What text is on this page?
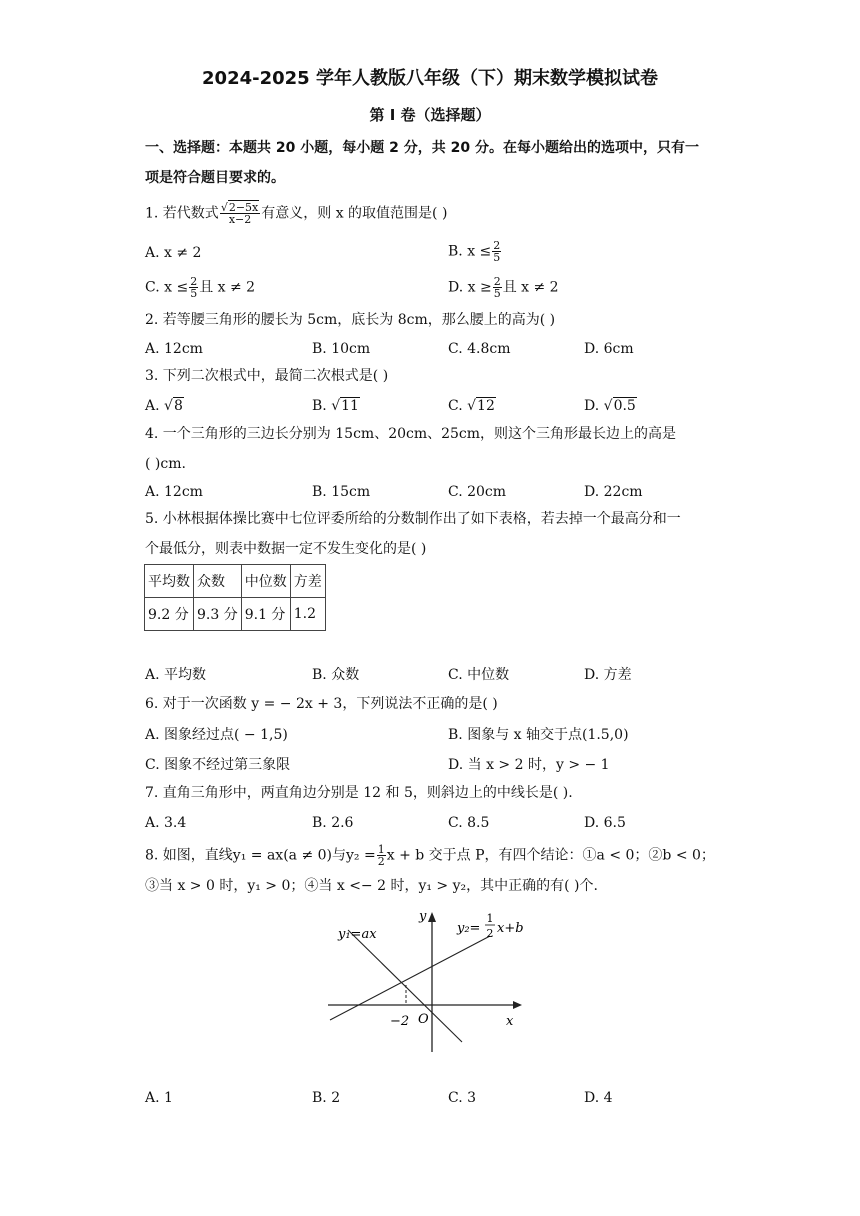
2024-2025 学年人教版八年级（下）期末数学模拟试卷
第 I 卷（选择题）
一、选择题：本题共 20 小题，每小题 2 分，共 20 分。在每小题给出的选项中，只有一
项是符合题目要求的。
1. 若代数式 $\frac{√2-5x}{x-2}$ 有意义，则 x 的取值范围是( )
A. x ≠ 2	B. $x \le \frac{2}{5}$
C. $x \le \frac{2}{5}$ 且 x ≠ 2	D. $x \ge \frac{2}{5}$ 且 x ≠ 2
2. 若等腰三角形的腰长为 5cm，底长为 8cm，那么腰上的高为( )
A. 12cm	B. 10cm	C. 4.8cm	D. 6cm
3. 下列二次根式中，最简二次根式是( )
A. √8	B. √11	C. √12	D. √0.5
4. 一个三角形的三边长分别为 15cm、20cm、25cm，则这个三角形最长边上的高是
( )cm.
A. 12cm	B. 15cm	C. 20cm	D. 22cm
5. 小林根据体操比赛中七位评委所给的分数制作出了如下表格，若去掉一个最高分和一
个最低分，则表中数据一定不发生变化的是( )
平均数	众数	中位数	方差
9.2 分	9.3 分	9.1 分	1.2
A. 平均数	B. 众数	C. 中位数	D. 方差
6. 对于一次函数 y = − 2x + 3，下列说法不正确的是( )
A. 图象经过点( − 1,5)	B. 图象与 x 轴交于点(1.5,0)
C. 图象不经过第三象限	D. 当 x > 2 时，y > − 1
7. 直角三角形中，两直角边分别是 12 和 5，则斜边上的中线长是( ).
A. 3.4	B. 2.6	C. 8.5	D. 6.5
8. 如图，直线y₁ = ax(a ≠ 0)与$y_2 = \frac{1}{2}$ x + b 交于点 P，有四个结论：①a < 0；②b < 0；
③当 x > 0 时，y₁ > 0；④当 x <− 2 时，y₁ > y₂，其中正确的有( )个.
y₁=ax	y₂=
1
2 x+b
y
x
O
−2
A. 1	B. 2	C. 3	D. 4
